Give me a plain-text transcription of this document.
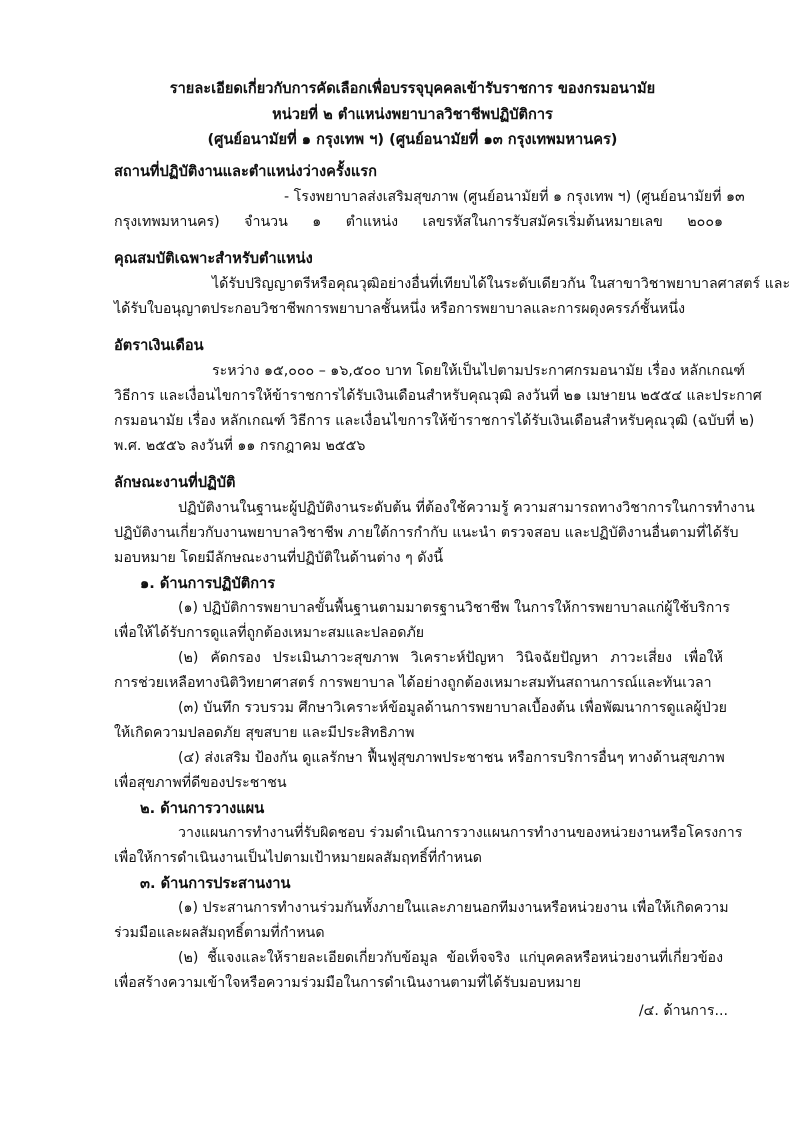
รายละเอียดเกี่ยวกับการคัดเลือกเพื่อบรรจุบุคคลเข้ารับราชการ ของกรมอนามัย
หน่วยที่ ๒ ตำแหน่งพยาบาลวิชาชีพปฏิบัติการ
(ศูนย์อนามัยที่ ๑ กรุงเทพ ฯ) (ศูนย์อนามัยที่ ๑๓ กรุงเทพมหานคร)
สถานที่ปฏิบัติงานและตำแหน่งว่างครั้งแรก
- โรงพยาบาลส่งเสริมสุขภาพ (ศูนย์อนามัยที่ ๑ กรุงเทพ ฯ) (ศูนย์อนามัยที่ ๑๓
กรุงเทพมหานคร) จำนวน ๑ ตำแหน่ง เลขรหัสในการรับสมัครเริ่มต้นหมายเลข ๒๐๐๑
คุณสมบัติเฉพาะสำหรับตำแหน่ง
ได้รับปริญญาตรีหรือคุณวุฒิอย่างอื่นที่เทียบได้ในระดับเดียวกัน ในสาขาวิชาพยาบาลศาสตร์ และ
ได้รับใบอนุญาตประกอบวิชาชีพการพยาบาลชั้นหนึ่ง หรือการพยาบาลและการผดุงครรภ์ชั้นหนึ่ง
อัตราเงินเดือน
ระหว่าง ๑๕,๐๐๐ – ๑๖,๕๐๐ บาท โดยให้เป็นไปตามประกาศกรมอนามัย เรื่อง หลักเกณฑ์
วิธีการ และเงื่อนไขการให้ข้าราชการได้รับเงินเดือนสำหรับคุณวุฒิ ลงวันที่ ๒๑ เมษายน ๒๕๕๔ และประกาศ
กรมอนามัย เรื่อง หลักเกณฑ์ วิธีการ และเงื่อนไขการให้ข้าราชการได้รับเงินเดือนสำหรับคุณวุฒิ (ฉบับที่ ๒)
พ.ศ. ๒๕๕๖ ลงวันที่ ๑๑ กรกฎาคม ๒๕๕๖
ลักษณะงานที่ปฏิบัติ
ปฏิบัติงานในฐานะผู้ปฏิบัติงานระดับต้น ที่ต้องใช้ความรู้ ความสามารถทางวิชาการในการทำงาน
ปฏิบัติงานเกี่ยวกับงานพยาบาลวิชาชีพ ภายใต้การกำกับ แนะนำ ตรวจสอบ และปฏิบัติงานอื่นตามที่ได้รับ
มอบหมาย โดยมีลักษณะงานที่ปฏิบัติในด้านต่าง ๆ ดังนี้
๑. ด้านการปฏิบัติการ
(๑) ปฏิบัติการพยาบาลขั้นพื้นฐานตามมาตรฐานวิชาชีพ ในการให้การพยาบาลแก่ผู้ใช้บริการ
เพื่อให้ได้รับการดูแลที่ถูกต้องเหมาะสมและปลอดภัย
(๒) คัดกรอง ประเมินภาวะสุขภาพ วิเคราะห์ปัญหา วินิจฉัยปัญหา ภาวะเสี่ยง เพื่อให้
การช่วยเหลือทางนิติวิทยาศาสตร์ การพยาบาล ได้อย่างถูกต้องเหมาะสมทันสถานการณ์และทันเวลา
(๓) บันทึก รวบรวม ศึกษาวิเคราะห์ข้อมูลด้านการพยาบาลเบื้องต้น เพื่อพัฒนาการดูแลผู้ป่วย
ให้เกิดความปลอดภัย สุขสบาย และมีประสิทธิภาพ
(๔) ส่งเสริม ป้องกัน ดูแลรักษา ฟื้นฟูสุขภาพประชาชน หรือการบริการอื่นๆ ทางด้านสุขภาพ
เพื่อสุขภาพที่ดีของประชาชน
๒. ด้านการวางแผน
วางแผนการทำงานที่รับผิดชอบ ร่วมดำเนินการวางแผนการทำงานของหน่วยงานหรือโครงการ
เพื่อให้การดำเนินงานเป็นไปตามเป้าหมายผลสัมฤทธิ์ที่กำหนด
๓. ด้านการประสานงาน
(๑) ประสานการทำงานร่วมกันทั้งภายในและภายนอกทีมงานหรือหน่วยงาน เพื่อให้เกิดความ
ร่วมมือและผลสัมฤทธิ์ตามที่กำหนด
(๒) ชี้แจงและให้รายละเอียดเกี่ยวกับข้อมูล ข้อเท็จจริง แก่บุคคลหรือหน่วยงานที่เกี่ยวข้อง
เพื่อสร้างความเข้าใจหรือความร่วมมือในการดำเนินงานตามที่ได้รับมอบหมาย
/๔. ด้านการ...
